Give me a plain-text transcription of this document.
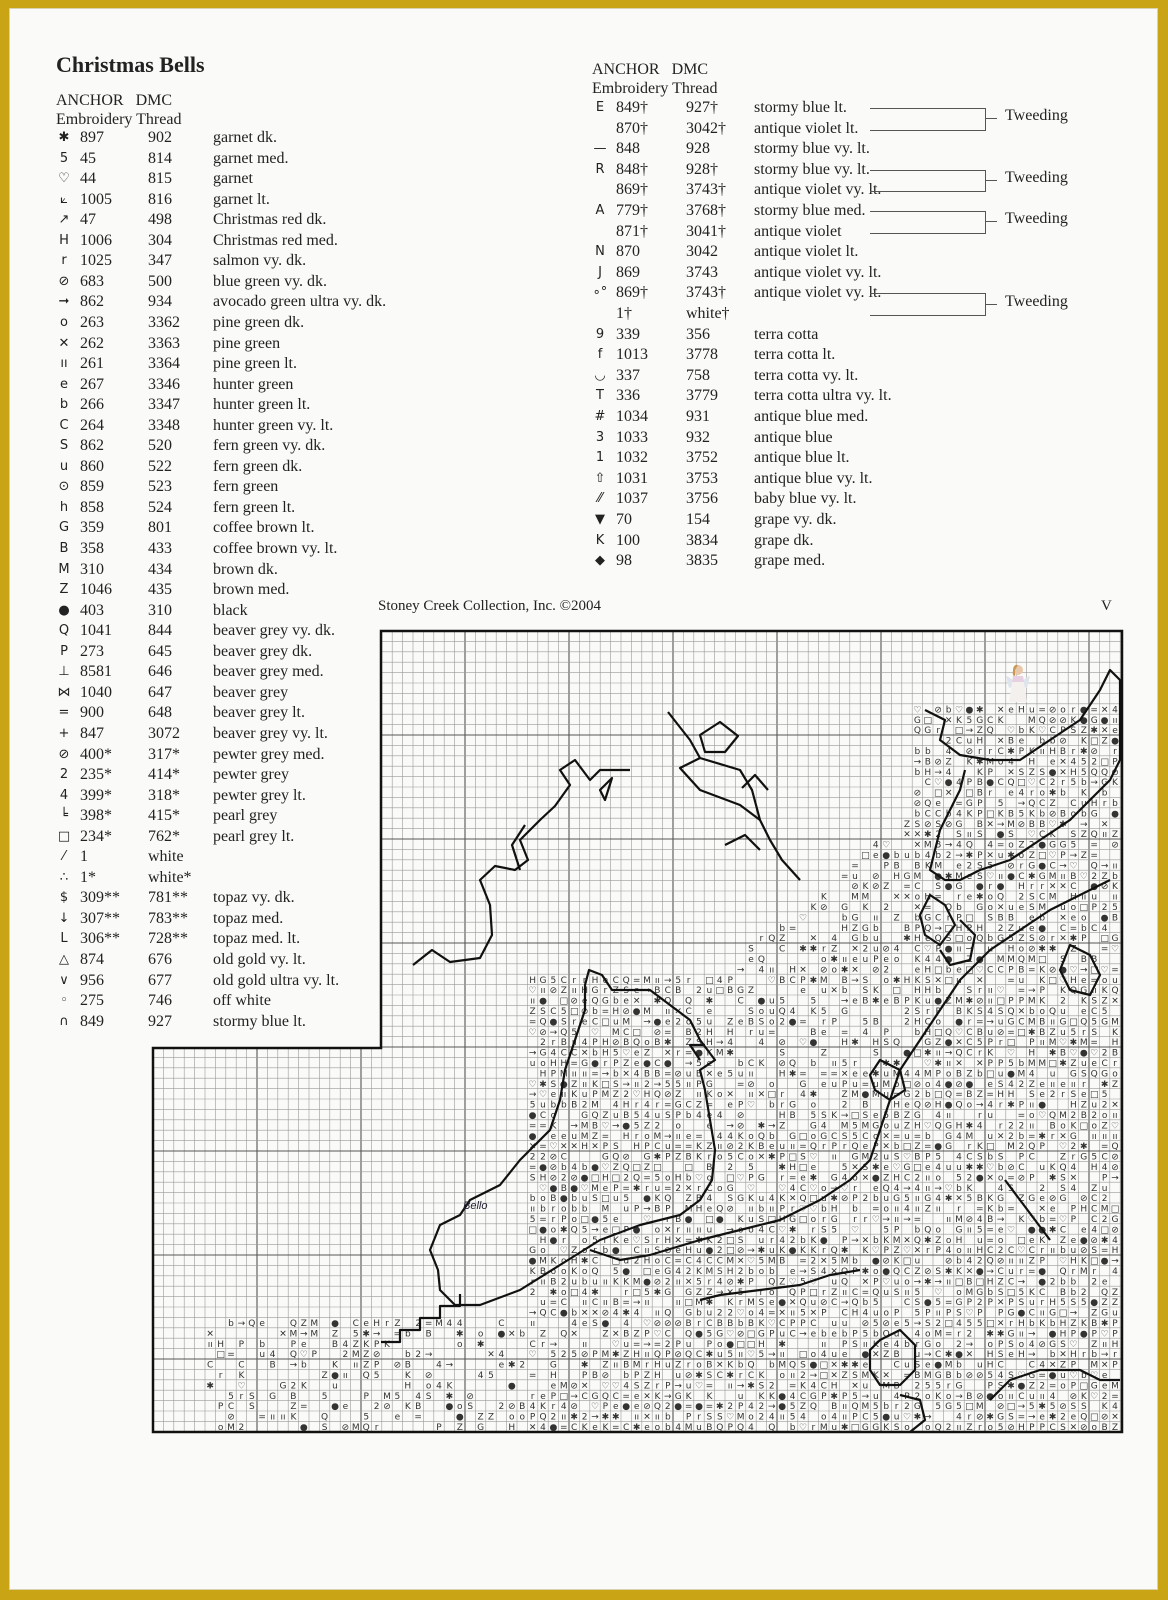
Christmas Bells
ANCHOR DMC
Embroidery Thread
✱ 897	902	garnet dk.
5 45	814	garnet med.
♡ 44	815	garnet
⟀ 1005 816	garnet lt.
↗ 47	498	Christmas red dk.
H 1006 304	Christmas red med.
r 1025 347	salmon vy. dk.
⊘ 683	500	blue green vy. dk.
➞ 862	934	avocado green ultra vy. dk.
o 263	3362 pine green dk.
✕ 262	3363 pine green
ıı 261	3364 pine green lt.
e 267	3346 hunter green
b 266	3347 hunter green lt.
C 264	3348 hunter green vy. lt.
S 862	520	fern green vy. dk.
u 860	522	fern green dk.
⊙ 859	523	fern green
h 858	524	fern green lt.
G 359	801	coffee brown lt.
B 358	433	coffee brown vy. lt.
M 310	434	brown dk.
Z 1046 435	brown med.
● 403	310	black
Q 1041 844	beaver grey vy. dk.
P 273	645	beaver grey dk.
⊥ 8581 646	beaver grey med.
⋈ 1040 647	beaver grey
= 900	648	beaver grey lt.
+ 847	3072 beaver grey vy. lt.
⊘ 400* 317* pewter grey med.
2 235* 414* pewter grey
4 399* 318* pewter grey lt.
╘ 398* 415* pearl grey
□ 234* 762* pearl grey lt.
⁄ 1	white
∴ 1*	white*
$ 309** 781** topaz vy. dk.
↓ 307** 783** topaz med.
L 306** 728** topaz med. lt.
△ 874	676	old gold vy. lt.
∨ 956	677	old gold ultra vy. lt.
◦ 275	746	off white
∩ 849	927	stormy blue lt.
ANCHOR DMC
Embroidery Thread
E 849† 927† stormy blue lt.
870† 3042† antique violet lt.
— 848	928	stormy blue vy. lt.
R 848† 928† stormy blue vy. lt.
869† 3743† antique violet vy. lt.
A 779† 3768† stormy blue med.
871† 3041† antique violet
N 870	3042 antique violet lt.
J 869	3743 antique violet vy. lt.
∘° 869† 3743† antique violet vy. lt.
1†	white†
9 339	356	terra cotta
f 1013 3778 terra cotta lt.
◡ 337	758	terra cotta vy. lt.
T 336	3779 terra cotta ultra vy. lt.
# 1034 931	antique blue med.
3 1033 932	antique blue
1 1032 3752 antique blue lt.
⇧ 1031 3753 antique blue vy. lt.
⁄⁄ 1037 3756 baby blue vy. lt.
▼ 70	154	grape vy. dk.
K 100	3834 grape dk.
◆ 98	3835 grape med.
Tweeding
Tweeding
Tweeding
Tweeding
Stoney Creek Collection, Inc. ©2004	V
♡ ⊘ b ♡ ● ✱ ✕ e H u = ⊘ o r ● = ✕ 4
G □ ✕ K 5 G C K	M Q ⊘ ⊘ K ● G ● ıı
Q G r □ → Z Q ♡ b K ♡ C P S Z ✱ ✕ e
2 C u H ✕ B e b b ⊘ K □ Z ●
b b 4 ⊘ r r C ✱ P K ıı H B r ✱ ⊘ r
→ B ⊘ Z K ✱ M o 4 H e ✕ 4 5 2 □ P
b H → 4	K P ✕ S Z S ● ✕ H 5 Q Q ⊘
C ♡ ● 4 P B ● C Q □ ♡ C 2 r 5 b → G K
⊘ □ ✕ □ B r e 4 r o ✱ b K b
⊘ Q e = G P 5 → Q C Z C u H r b
b C C b 4 K P □ K B 5 K b ⊘ B o b G ●
Z S ⊘ S ⊘ G B ✕ → M ⊘ B B ♡ ✱ → ✕
✕ ✕ ✱ 2 S ıı S ● S ♡ C K S Z Q ıı Z
4 ♡	✕ M B → 4 Q 4 = o Z 2 ● G G 5 = ⊘
□ e ● b u b 4 b 2 → ✱ P ✕ u ✱ o Z □ ♡ P → Z =
=	P B B K M e 2 S 5 ⊘ r G ● C → ♡ Q → ıı
= u ⊘ H G M ● ✱ M e S ♡ ıı ● C ✱ G M ıı B ♡ 2 Z b
⊘ K ⊘ Z = C S ● G ● r ● H r r ✕ ✕ C ● ⊘ K
K	M M	✕ ✕ o H = r e ✱ o Q 2 S C M H ıı u ıı
K ⊘ G K 2	✕ = Q b G o ✕ u e S M u o □ P 2 5
♡	b G ıı Z b G C r P □ S B B e b ✕ e o ● B
b =	H Z G b	B P Q → □ H P H 2 Z u e ● C = b C 4
r Q Z	✕ 4 G b u	✱ H e Q S □ o Q b G 5 Z S ⊘ r ✕ ✱ P □ G
S	C ✱ ✱ r Z ✕ 2 u ⊘ 4 C ♡ P ● ıı → u H o ⊘ ✱ ✱ Z	= ♡
e Q	o ✱ ıı e u P e o K 4 4 ● Z ● M M Q M □ S B B
→ 4 ıı H ✕ ⊘ o ✱ ✕ ⊘ 2	e H □ b e □ ♡ C C P B = K ⊘ ● ♡ → □ ♡ =
H G 5 C r r H e C Q = M ıı → 5 r □ 4 P	♡ B C P ✱ M B → S o ✱ H K S ✕ □ u ✕	= u K □ ♡ H e = o u
♡ ıı ⊘ Z ıı H G r Z S e → B C B 2 u □ B G Z	e u ✕ b S K □ H H b	S r ıı ♡ = → P K Q G ıı K Q
ıı ● □ ⊘ e Q G b e ✕ ✱ Q Q ✱	C ● u 5	5	→ e B ✱ e B P K u ● Z M ✱ ⊘ ıı □ P P M K 2 K S Z ✕
Z S C 5 □ ⊘ b = H ⊘ ● M ıı ✕ C e	S o u Q 4 K 5 G	2 S r P B K S 4 S Q ✕ b o Q u e C 5
= Q ● S r e C □ u M → ● e 2 o 5 u Z e B S o 2 ● = r P	5 B	2 H C o ● r = → u G C M B ıı G □ Q 5 G M
♡ ⊘ → Q 5 ♡ M C □ ⊘ = B 2 H H r u =	B e = 4 P	b H □ Q ♡ C B u ⊘ = □ ✱ B Z u 5 r S K
2 r B ıı 4 P H ⊘ B Q o B ✱ Z S H → 4	4 ⊘ ♡ ●	H ✱ H S Q	G Z ● ✕ C 5 P r □ P ıı M ♡ ✱ M = H
→ G 4 C C ✕ b H 5 ♡ e Z ✕ r = ● K M ✱	S	Z	S	● □ ✱ ıı → Q C r K ♡ H ✱ B ♡ ● ♡ 2 B
u o H H = G ● r P Z e ● C ● → 5 e	b C K ⊘ Q b ıı 5 r	✱ ✱	♡ ✱ ıı ✕ ✕ P P 5 b M M □ ✱ Z u e C r
H P M ıı ıı = → b ✕ 4 B B = ⊘ u B ✕ e 5 u ıı	H ✱ = = = ✕ e e ✱ u M 4 4 M P o B Z b □ u ● M 4 u G S Q G o
♡ ✱ S ● Z ıı K □ S → ıı 2 → 5 5 ıı P G	= ⊘ o	G e u P u = u M o □ ⊘ o 4 ● ⊘ ● e S 4 2 Z e ıı e ıı r ✱ Z
→ ♡ e ıı K u P M Z 2 ♡ H Q ⊘ Z ıı K o ✕ ıı ✕ □ r 4 ✱	Z M ● M u = G 2 b □ Q = B Z = H H S e 2 r S e □ 5
5 u b b B 2 M 4 H r 4 r = G C Z = e P ♡ b r G o	2 B	H e Q ⊘ H ● Q o → 4 r ✱ P ıı ●	H Z u 2 ✕
● C o	G Q Z u B 5 4 u S P b 4 e 4 ⊘	H B 5 S K → □ S e 5 B Z G 4 ıı	r u	= o ♡ Q M 2 B 2 o ıı
= = K → M B ♡ → ● 5 Z 2 o	e → ⊘ ✱ → Z	G 4 M 5 M G o u Z H ♡ Q G H ✱ 4 r 2 2 ıı B o K □ o Z ♡
● e e u M Z = H r o M → ıı e = 4 4 K o Q b G □ o G C S 5 C o ✕ = u = b G 4 M u ✕ 2 b = ✱ r ✕ G ıı ıı ıı
✕ = ♡ ✕ ✕ H ✕ P S H P C u = = K Z ıı ⊘ 2 K B e u ıı = Q r P r Q e P ✕ b □ Z = ● G r K □ M 2 Q P ♡ 2 ✱ = Q
2 2 ⊘ C	G Q ⊘ G ✱ P Z B K r o 5 C o ✕ ✱ P □ S ♡ ıı G M 2 u S ♡ B P 5 4 C S b S P C	Z r G 5 C ⊘
= ● ⊘ b 4 b ● ♡ Z Q □ Z □	□ B 2 5	✱ H □ e	5 ✕ S ✱ e ♡ G □ e 4 u u ✱ ✱ ♡ b ⊘ C u K Q 4 H 4 ⊘
S H ⊘ 2 ⊘ ● □ H □ 2 Q = 5 o H b ♡ o □ ♡ P G r = e ✱ G 4 o ✕ ● Z H C 2 ıı o 5 2 ● ✕ o = ⊘ P ✱ S ✕	P →
♡ ● B ● ♡ M e P = ✱ r u = 2 ✕ r C o G ♡	♡ 4 C ♡ o → ♡ r e Q 4 → 4 ıı → ♡ b K	4 S	2 S 4 Z u
b o B ● b u S □ u 5 ● K Q Z B 4 S G K u 4 K ✕ Q □ u ✱ ⊘ P 2 b u G 5 ıı G 4 ✱ ✕ 5 B K G Z G e ⊘ G ⊘ C 2
ıı b r o b b M u P → B P M H e Q ⊘ ıı b ıı P r ♡ ♡ b H b = o ıı 4 ıı Z ıı r = K b =	✕ e P H C M □
5 = r P o □ ● 5 e	♡ r B ● □ ● K u S □ H G □ o r G r r ♡ → ıı → =	ıı M ⊘ 4 B → K ♡ b = ♡ P C 2 G
□ ● o ✱ Q 5 → e □ P ● o ✕ r ıı ıı u → o o 4 C ♡ ✱ r S 5 ♡	5 P b Q o G ıı 5 = e ♡ ● ● ✱ C e 4 □ ⊘
H ● r o 5 r K e ♡ S r H ✕ = ✱ K 2 □ S u r 4 2 b K ● P → ✕ b K M ✕ Q ✱ Z o H u = o □ e K Z e ● ⊘ ✱ 4
G o ♡ Z o r b ● C ıı S ⊘ e H u ● 2 □ ⊘ → ✱ u K ● K K r Q ✱ K ♡ P Z ♡ ✕ r P 4 o ıı H C 2 C ♡ C r ıı b u ⊘ S = H
● M K o H ✱ C □ u 2 H o C = C 4 C C M ✕ ♡ 5 M B = 2 ✕ 5 M b ● ⊘ K □ u	⊘ b 4 2 Q ⊘ ıı ıı Z P ♡ H K □ ● →
K B o o K o Q 5 ● □ e G 4 2 K M S H 2 b o b e → S 4 ✕ Q P ✱ o ● Q C Z ⊘ S ✱ K ✕ ● → C u r = ● Q r M r 4
r ıı B 2 u b u ıı K K M ● ⊘ 2 ıı ✕ 5 r 4 ⊘ ✱ P Q Z ♡ 5 ♡ u Q ✕ P ♡ u o → ✱ → ıı □ B □ H Z C → ● 2 b b 2 e
2 ✱ o □ 4 ✱	r □ 5 ✱ G G Z Z → ✕ 5 r o Q P □ r Z ıı C = Q u S ıı 5 ♡ o M G b S □ 5 K C B b 2 Q Z
u = C ıı C ıı B = → ıı	ıı □ M ✱ K r M S e ● ✕ Q u ⊘ C → Q b 5	C S ● 5 = G P 2 P ✕ P S u r H 5 S 5 ● Z Z
→ Q C ● b ✕ ✕ ⊘ 4 ✱ 4 ıı Q G b u 2 2 ♡ o 4 = ✕ ıı 5 ✕ P C H 4 u o P 5 P ıı P S ♡ P P G ● C ıı G □ → Z G u
b → Q e	Q Z M ● C e H r Z 2 = M 4 4	C	ıı	4 e S ● 4 ♡ ⊘ ⊘ ⊘ B r C B B b B K ♡ C P P C u u ⊘ 5 ⊘ e 5 → S 2 □ 4 5 5 □ ✕ r H b K b H Z K B ✱ P
✕	✕ M → M Z 5 ✱ → = b B	✱ o ● ✕ b Z Q ✕	Z ✕ B Z P ♡ C Q ● 5 G ♡ ⊘ □ G P u C → e b e b P 5 b Q u 4 o M = r 2 ✱ ✱ G ıı → ● H P ● P ♡ P
ıı H P b	P e	B 4 Z K P K	o ✱	C r →	ıı	♡ u = → = 2 P u P o ● □ □ H ✱	ıı P S ıı K e 4 b r G o 2 → o P S o 4 ⊘ G S ♡ Z ıı H
□ =	u 4 Q ♡ P	2 M Z ⊘	b 2 →	✕ 4	♡ 5 2 5 ⊘ P M ✱ Z H ıı Q P ⊘ Q C ✱ u 5 ıı ♡ 5 → ıı □ o 4 u e ● ✕ Z B u → C ✱ ● ✕ H S e H → b ✕ H r b → r
C	C	B → b	K ıı Z P ⊘ B	4 →	e ✱ 2	G	✱ Z ıı B M r H u Z r o B ✕ K b Q b M Q S ● □ ✕ ✱ ✱ e	C u S e ● M b u H C	C 4 ✕ Z P M ✕ P
r K	Z ● ıı Q 5	K ⊘	4 5	= H	P B ⊘ b P Z H u ⊘ ✱ S C ✱ r C K o ıı 2 → □ ✕ Z S M K ✕ = B M G B b ⊘ ⊘ 5 4 S ♡ G = ● u ♡ b ♡ e
✱	♡	G 2 K	u	H o 4 K	●	e M ⊘ ✕ ♡ ♡ 4 S Z r P → u ♡ = ıı → ✱ S 2 = K 4 C H ✕ u M B 2 5 5 r G	P S ✱ ● Z 2 = o P □ G e M
5 r S G B	5	P M 5 4 S ✱ ⊘	r e P □ → C G Q C = e ✕ K → G K K	u K K ● 4 C G P ✱ P 5 → u 4 P 2 o K o → B ⊘ ● o ıı C u ıı 4 ⊘ K ♡ 2 =
P C S	Z =	● e	2 ⊘ K B	● o S	2 ⊘ B 4 K r 4 ⊘ ♡ P e ● e ⊘ Q 2 ● = ● = ✱ 2 P 4 2 → ● 5 Z Q B ıı Q M 5 b r 2 G 5 G 5 □ M ⊘ □ → 5 ✱ 5 ⊘ S S K 4
⊘	= ıı ıı K	Q	5	e =	● Z Z o o P Q 2 ıı ✱ 2 → ✱ ✱ ıı ✕ ıı b P r S S ♡ M o 2 4 ıı 5 4 o 4 ıı P C 5 ● u ♡ ✱ →	4 r ⊘ ✱ G S = → e ✱ 2 e Q □ ⊘ ✕
o M 2	● S ⊘ M Q r	P Z G	H ✕ 4 ● = C K e K = C ✱ e o b 4 M u B Q P Q 4 Q b ♡ r M u ✱ □ G G K S o o Q 2 ıı Z r o 5 ⊘ H P P C S ✕ ⊘ o B Z
Bello
